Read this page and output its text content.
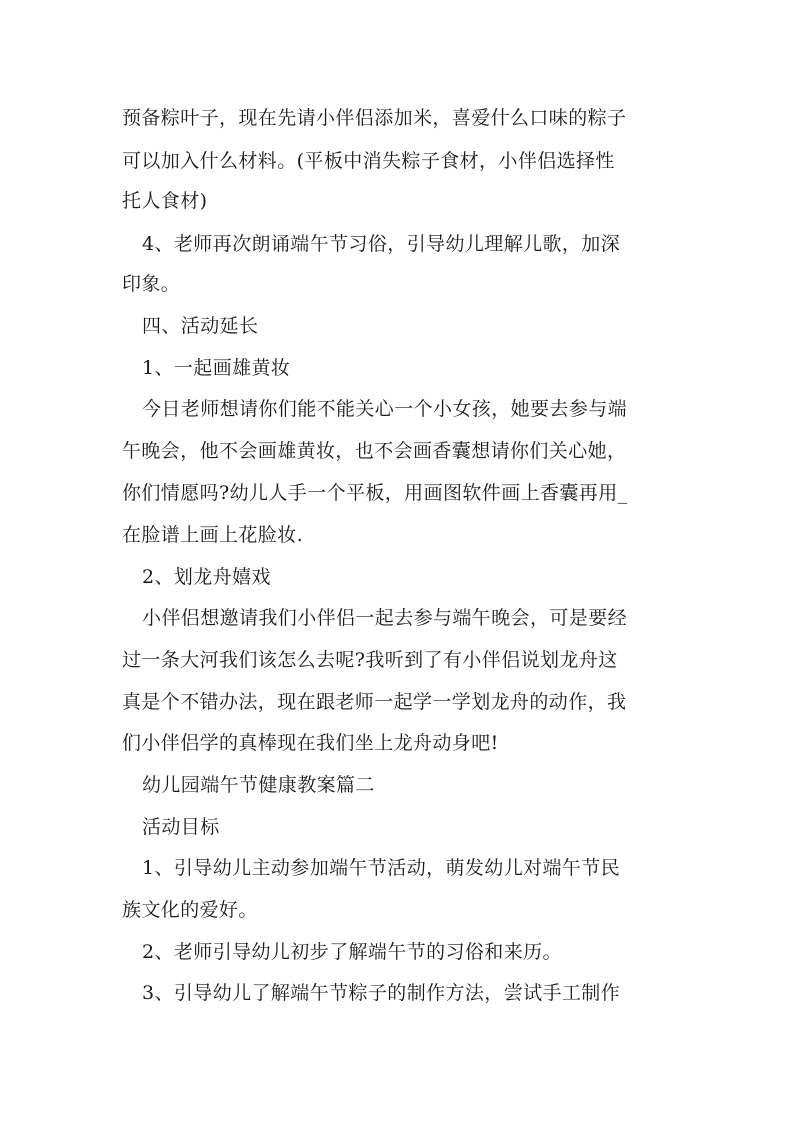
预备粽叶子，现在先请小伴侣添加米，喜爱什么口味的粽子
可以加入什么材料。(平板中消失粽子食材，小伴侣选择性
托人食材)
4、老师再次朗诵端午节习俗，引导幼儿理解儿歌，加深
印象。
四、活动延长
1、一起画雄黄妆
今日老师想请你们能不能关心一个小女孩，她要去参与端
午晚会，他不会画雄黄妆，也不会画香囊想请你们关心她，
你们情愿吗?幼儿人手一个平板，用画图软件画上香囊再用_
在脸谱上画上花脸妆.
2、划龙舟嬉戏
小伴侣想邀请我们小伴侣一起去参与端午晚会，可是要经
过一条大河我们该怎么去呢?我听到了有小伴侣说划龙舟这
真是个不错办法，现在跟老师一起学一学划龙舟的动作，我
们小伴侣学的真棒现在我们坐上龙舟动身吧!
幼儿园端午节健康教案篇二
活动目标
1、引导幼儿主动参加端午节活动，萌发幼儿对端午节民
族文化的爱好。
2、老师引导幼儿初步了解端午节的习俗和来历。
3、引导幼儿了解端午节粽子的制作方法，尝试手工制作
